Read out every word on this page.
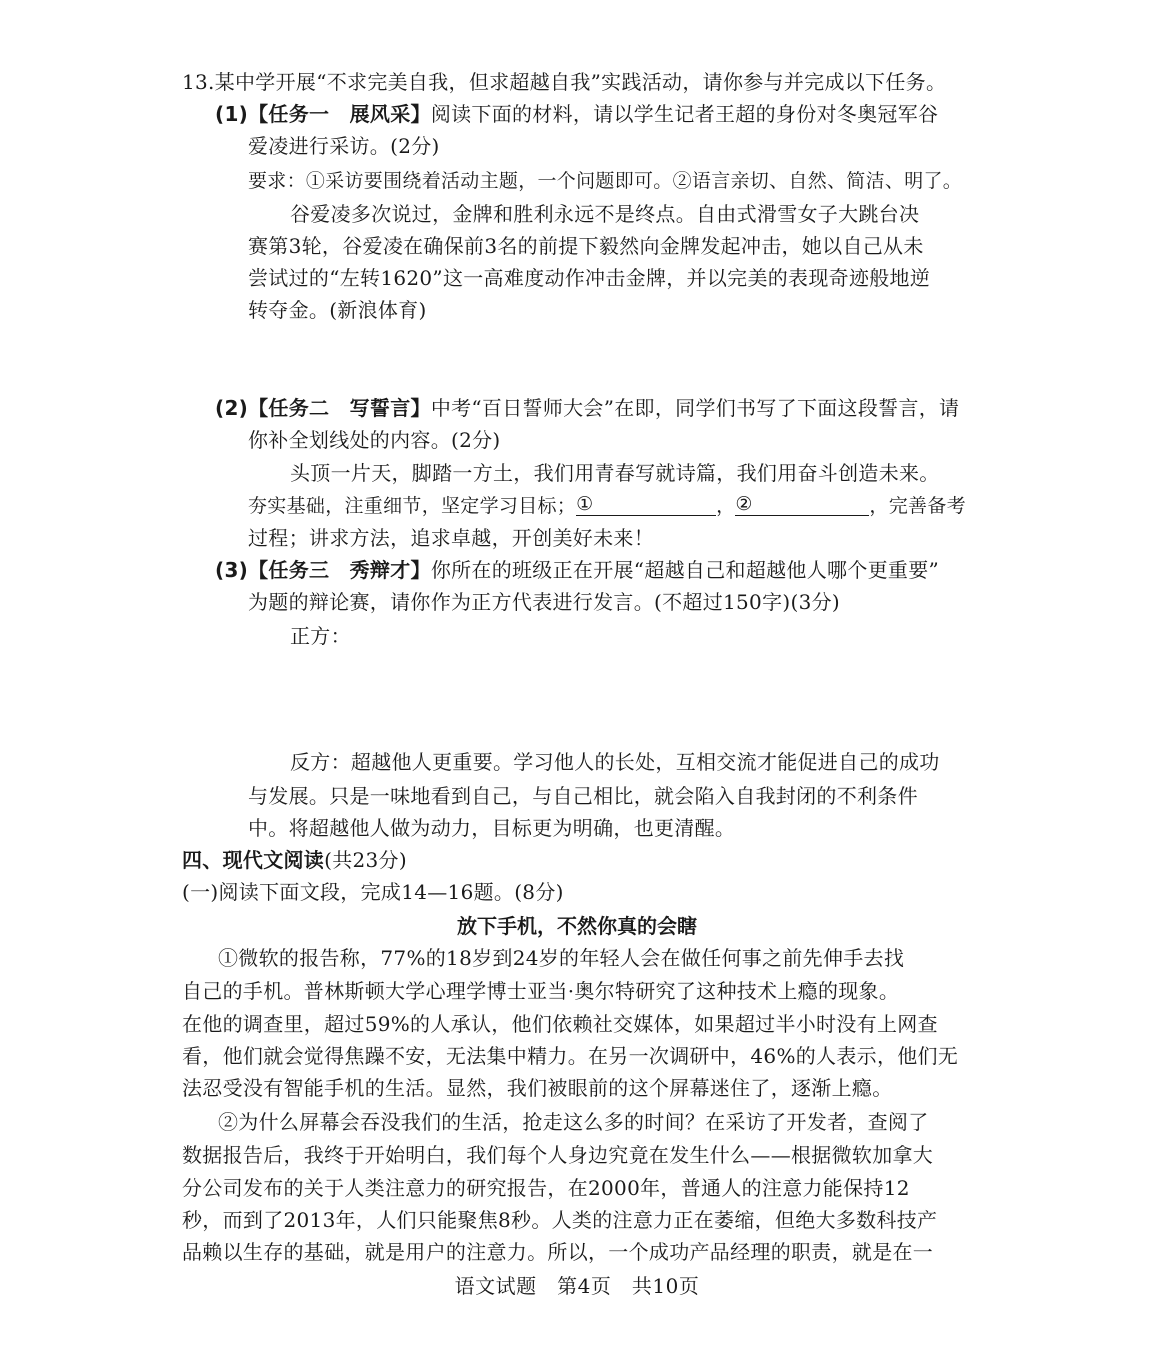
13.某中学开展“不求完美自我，但求超越自我”实践活动，请你参与并完成以下任务。
(1)【任务一　展风采】阅读下面的材料，请以学生记者王超的身份对冬奥冠军谷
爱凌进行采访。(2分)
要求：①采访要围绕着活动主题，一个问题即可。②语言亲切、自然、简洁、明了。
谷爱凌多次说过，金牌和胜利永远不是终点。自由式滑雪女子大跳台决
赛第3轮，谷爱凌在确保前3名的前提下毅然向金牌发起冲击，她以自己从未
尝试过的“左转1620”这一高难度动作冲击金牌，并以完美的表现奇迹般地逆
转夺金。(新浪体育)
(2)【任务二　写誓言】中考“百日誓师大会”在即，同学们书写了下面这段誓言，请
你补全划线处的内容。(2分)
头顶一片天，脚踏一方土，我们用青春写就诗篇，我们用奋斗创造未来。
夯实基础，注重细节，坚定学习目标；①	，②	，完善备考
过程；讲求方法，追求卓越，开创美好未来！
(3)【任务三　秀辩才】你所在的班级正在开展“超越自己和超越他人哪个更重要”
为题的辩论赛，请你作为正方代表进行发言。(不超过150字)(3分)
正方：
反方：超越他人更重要。学习他人的长处，互相交流才能促进自己的成功
与发展。只是一味地看到自己，与自己相比，就会陷入自我封闭的不利条件
中。将超越他人做为动力，目标更为明确，也更清醒。
四、现代文阅读(共23分)
(一)阅读下面文段，完成14—16题。(8分)
放下手机，不然你真的会瞎
①微软的报告称，77%的18岁到24岁的年轻人会在做任何事之前先伸手去找
自己的手机。普林斯顿大学心理学博士亚当·奥尔特研究了这种技术上瘾的现象。
在他的调查里，超过59%的人承认，他们依赖社交媒体，如果超过半小时没有上网查
看，他们就会觉得焦躁不安，无法集中精力。在另一次调研中，46%的人表示，他们无
法忍受没有智能手机的生活。显然，我们被眼前的这个屏幕迷住了，逐渐上瘾。
②为什么屏幕会吞没我们的生活，抢走这么多的时间？在采访了开发者，查阅了
数据报告后，我终于开始明白，我们每个人身边究竟在发生什么——根据微软加拿大
分公司发布的关于人类注意力的研究报告，在2000年，普通人的注意力能保持12
秒，而到了2013年，人们只能聚焦8秒。人类的注意力正在萎缩，但绝大多数科技产
品赖以生存的基础，就是用户的注意力。所以，一个成功产品经理的职责，就是在一
语文试题　第4页　共10页
